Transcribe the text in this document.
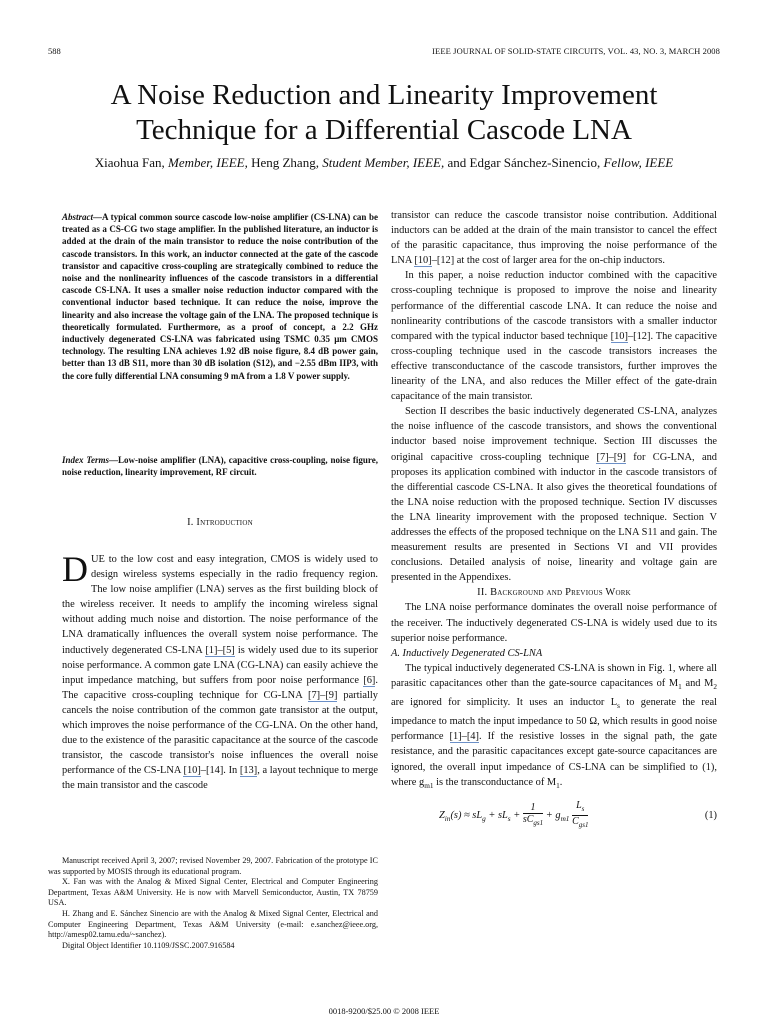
588	IEEE JOURNAL OF SOLID-STATE CIRCUITS, VOL. 43, NO. 3, MARCH 2008
A Noise Reduction and Linearity Improvement
Technique for a Differential Cascode LNA
Xiaohua Fan, Member, IEEE, Heng Zhang, Student Member, IEEE, and Edgar Sánchez-Sinencio, Fellow, IEEE
Abstract—A typical common source cascode low-noise amplifier (CS-LNA) can be treated as a CS-CG two stage amplifier. In the published literature, an inductor is added at the drain of the main transistor to reduce the noise contribution of the cascode transistors. In this work, an inductor connected at the gate of the cascode transistor and capacitive cross-coupling are strategically combined to reduce the noise and the nonlinearity influences of the cascode transistors in a differential cascode CS-LNA. It uses a smaller noise reduction inductor compared with the conventional inductor based technique. It can reduce the noise, improve the linearity and also increase the voltage gain of the LNA. The proposed technique is theoretically formulated. Furthermore, as a proof of concept, a 2.2 GHz inductively degenerated CS-LNA was fabricated using TSMC 0.35 μm CMOS technology. The resulting LNA achieves 1.92 dB noise figure, 8.4 dB power gain, better than 13 dB S11, more than 30 dB isolation (S12), and −2.55 dBm IIP3, with the core fully differential LNA consuming 9 mA from a 1.8 V power supply.
Index Terms—Low-noise amplifier (LNA), capacitive cross-coupling, noise figure, noise reduction, linearity improvement, RF circuit.
I. Introduction
DUE to the low cost and easy integration, CMOS is widely used to design wireless systems especially in the radio frequency region. The low noise amplifier (LNA) serves as the first building block of the wireless receiver. It needs to amplify the incoming wireless signal without adding much noise and distortion. The noise performance of the LNA dramatically influences the overall system noise performance. The inductively degenerated CS-LNA [1]–[5] is widely used due to its superior noise performance. A common gate LNA (CG-LNA) can easily achieve the input impedance matching, but suffers from poor noise performance [6]. The capacitive cross-coupling technique for CG-LNA [7]–[9] partially cancels the noise contribution of the common gate transistor at the output, which improves the noise performance of the CG-LNA. On the other hand, due to the existence of the parasitic capacitance at the source of the cascode transistor, the cascode transistor's noise influences the overall noise performance of the CS-LNA [10]–[14]. In [13], a layout technique to merge the main transistor and the cascode

Manuscript received April 3, 2007; revised November 29, 2007. Fabrication of the prototype IC was supported by MOSIS through its educational program.

X. Fan was with the Analog & Mixed Signal Center, Electrical and Computer Engineering Department, Texas A&M University. He is now with Marvell Semiconductor, Austin, TX 78759 USA.

H. Zhang and E. Sánchez Sinencio are with the Analog & Mixed Signal Center, Electrical and Computer Engineering Department, Texas A&M University (e-mail: e.sanchez@ieee.org, http://amesp02.tamu.edu/~sanchez).

Digital Object Identifier 10.1109/JSSC.2007.916584

transistor can reduce the cascode transistor noise contribution. Additional inductors can be added at the drain of the main transistor to cancel the effect of the parasitic capacitance, thus improving the noise performance of the LNA [10]–[12] at the cost of larger area for the on-chip inductors.

In this paper, a noise reduction inductor combined with the capacitive cross-coupling technique is proposed to improve the noise and linearity performance of the differential cascode LNA. It can reduce the noise and nonlinearity contributions of the cascode transistors with a smaller inductor compared with the typical inductor based technique [10]–[12]. The capacitive cross-coupling technique used in the cascode transistors increases the effective transconductance of the cascode transistors, further improves the linearity of the LNA, and also reduces the Miller effect of the gate-drain capacitance of the main transistor.

Section II describes the basic inductively degenerated CS-LNA, analyzes the noise influence of the cascode transistors, and shows the conventional inductor based noise improvement technique. Section III discusses the original capacitive cross-coupling technique [7]–[9] for CG-LNA, and proposes its application combined with inductor in the cascode transistors of the differential cascode CS-LNA. It also gives the theoretical foundations of the LNA noise reduction with the proposed technique. Section IV discusses the LNA linearity improvement with the proposed technique. Section V addresses the effects of the proposed technique on the LNA S11 and gain. The measurement results are presented in Sections VI and VII provides conclusions. Detailed analysis of noise, linearity and voltage gain are presented in the Appendixes.

II. Background and Previous Work

The LNA noise performance dominates the overall noise performance of the receiver. The inductively degenerated CS-LNA is widely used due to its superior noise performance.

A. Inductively Degenerated CS-LNA

The typical inductively degenerated CS-LNA is shown in Fig. 1, where all parasitic capacitances other than the gate-source capacitances of $M_1$ and $M_2$ are ignored for simplicity. It uses an inductor $L_s$ to generate the real impedance to match the input impedance to 50 Ω, which results in good noise performance [1]–[4]. If the resistive losses in the signal path, the gate resistance, and the parasitic capacitances except gate-source capacitances are ignored, the overall input impedance of CS-LNA can be simplified to (1), where $g_{m1}$ is the transconductance of $M_1$.

$Z_{in}(s) \approx sL_g + sL_s + \frac{1}{sC_{gs1}} + g_{m1} \frac{L_s}{C_{gs1}}$	(1)
0018-9200/$25.00 © 2008 IEEE
